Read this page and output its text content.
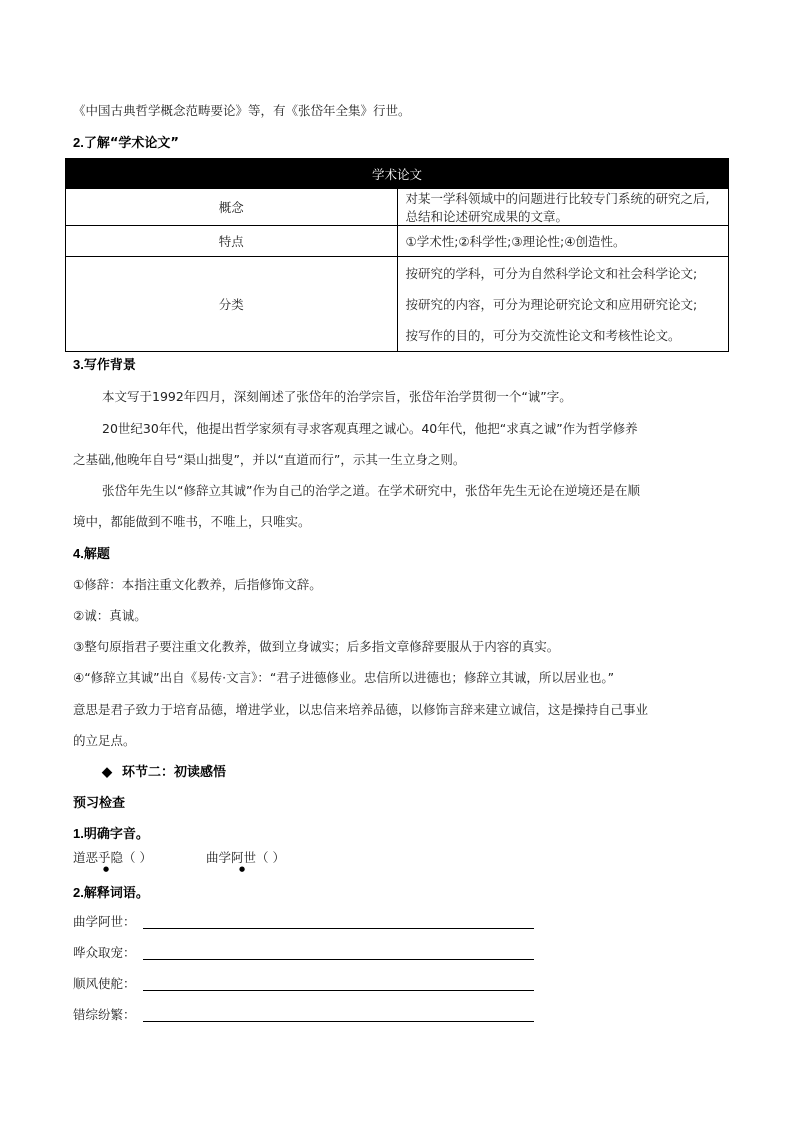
《中国古典哲学概念范畴要论》等，有《张岱年全集》行世。
2.了解“学术论文”
学术论文	
概念	对某一学科领域中的问题进行比较专门系统的研究之后,总结和论述研究成果的文章。
特点	①学术性;②科学性;③理论性;④创造性。
分类	按研究的学科，可分为自然科学论文和社会科学论文;
按研究的内容，可分为理论研究论文和应用研究论文;
按写作的目的，可分为交流性论文和考核性论文。
3.写作背景
本文写于1992年四月，深刻阐述了张岱年的治学宗旨，张岱年治学贯彻一个“诚”字。
20世纪30年代，他提出哲学家须有寻求客观真理之诚心。40年代，他把“求真之诚”作为哲学修养
之基础,他晚年自号“渠山拙叟”，并以“直道而行”，示其一生立身之则。
张岱年先生以“修辞立其诚”作为自己的治学之道。在学术研究中，张岱年先生无论在逆境还是在顺
境中，都能做到不唯书，不唯上，只唯实。
4.解题
①修辞：本指注重文化教养，后指修饰文辞。
②诚：真诚。
③整句原指君子要注重文化教养，做到立身诚实；后多指文章修辞要服从于内容的真实。
④“修辞立其诚”出自《易传·文言》：“君子进德修业。忠信所以进德也；修辞立其诚，所以居业也。”
意思是君子致力于培育品德，增进学业，以忠信来培养品德，以修饰言辞来建立诚信，这是操持自己事业
的立足点。
◆ 环节二：初读感悟
预习检查
1.明确字音。
道恶乎隐（ ）	曲学阿世（ ）
●	●
2.解释词语。
曲学阿世：
哗众取宠：
顺风使舵：
错综纷繁：
